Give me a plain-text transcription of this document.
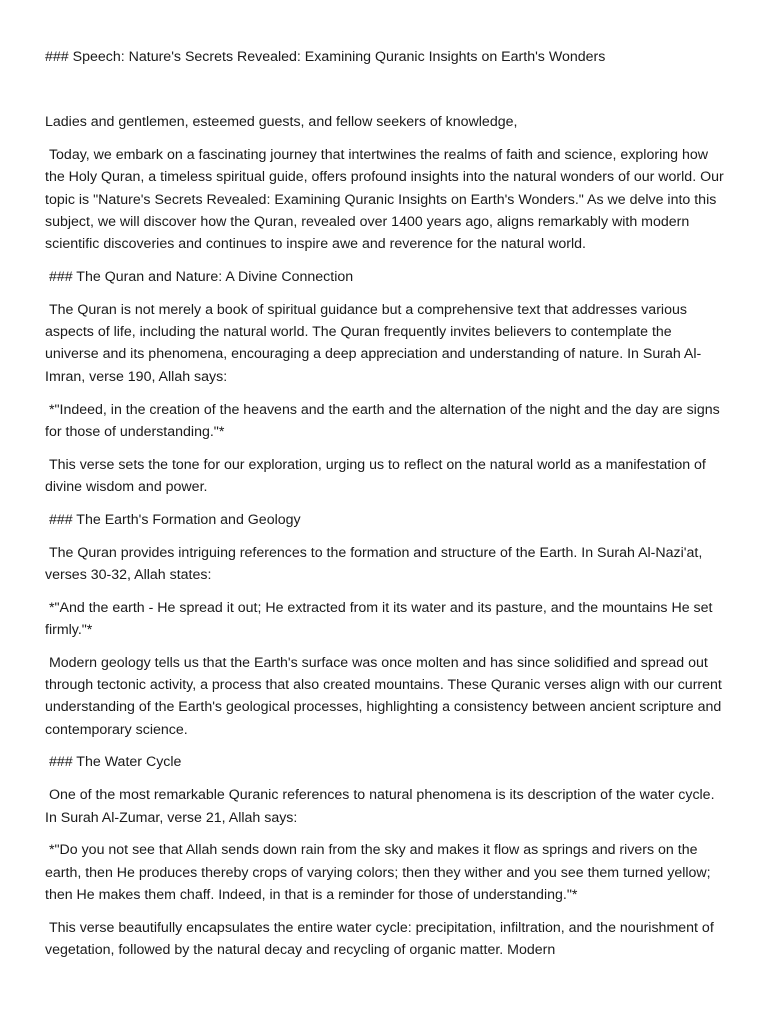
### Speech: Nature's Secrets Revealed: Examining Quranic Insights on Earth's Wonders

Ladies and gentlemen, esteemed guests, and fellow seekers of knowledge,

Today, we embark on a fascinating journey that intertwines the realms of faith and science, exploring how the Holy Quran, a timeless spiritual guide, offers profound insights into the natural wonders of our world. Our topic is "Nature's Secrets Revealed: Examining Quranic Insights on Earth's Wonders." As we delve into this subject, we will discover how the Quran, revealed over 1400 years ago, aligns remarkably with modern scientific discoveries and continues to inspire awe and reverence for the natural world.

### The Quran and Nature: A Divine Connection

The Quran is not merely a book of spiritual guidance but a comprehensive text that addresses various aspects of life, including the natural world. The Quran frequently invites believers to contemplate the universe and its phenomena, encouraging a deep appreciation and understanding of nature. In Surah Al-Imran, verse 190, Allah says:

*"Indeed, in the creation of the heavens and the earth and the alternation of the night and the day are signs for those of understanding."*

This verse sets the tone for our exploration, urging us to reflect on the natural world as a manifestation of divine wisdom and power.

### The Earth's Formation and Geology

The Quran provides intriguing references to the formation and structure of the Earth. In Surah Al-Nazi'at, verses 30-32, Allah states:

*"And the earth - He spread it out; He extracted from it its water and its pasture, and the mountains He set firmly."*

Modern geology tells us that the Earth's surface was once molten and has since solidified and spread out through tectonic activity, a process that also created mountains. These Quranic verses align with our current understanding of the Earth's geological processes, highlighting a consistency between ancient scripture and contemporary science.

### The Water Cycle

One of the most remarkable Quranic references to natural phenomena is its description of the water cycle. In Surah Al-Zumar, verse 21, Allah says:

*"Do you not see that Allah sends down rain from the sky and makes it flow as springs and rivers on the earth, then He produces thereby crops of varying colors; then they wither and you see them turned yellow; then He makes them chaff. Indeed, in that is a reminder for those of understanding."*

This verse beautifully encapsulates the entire water cycle: precipitation, infiltration, and the nourishment of vegetation, followed by the natural decay and recycling of organic matter. Modern
